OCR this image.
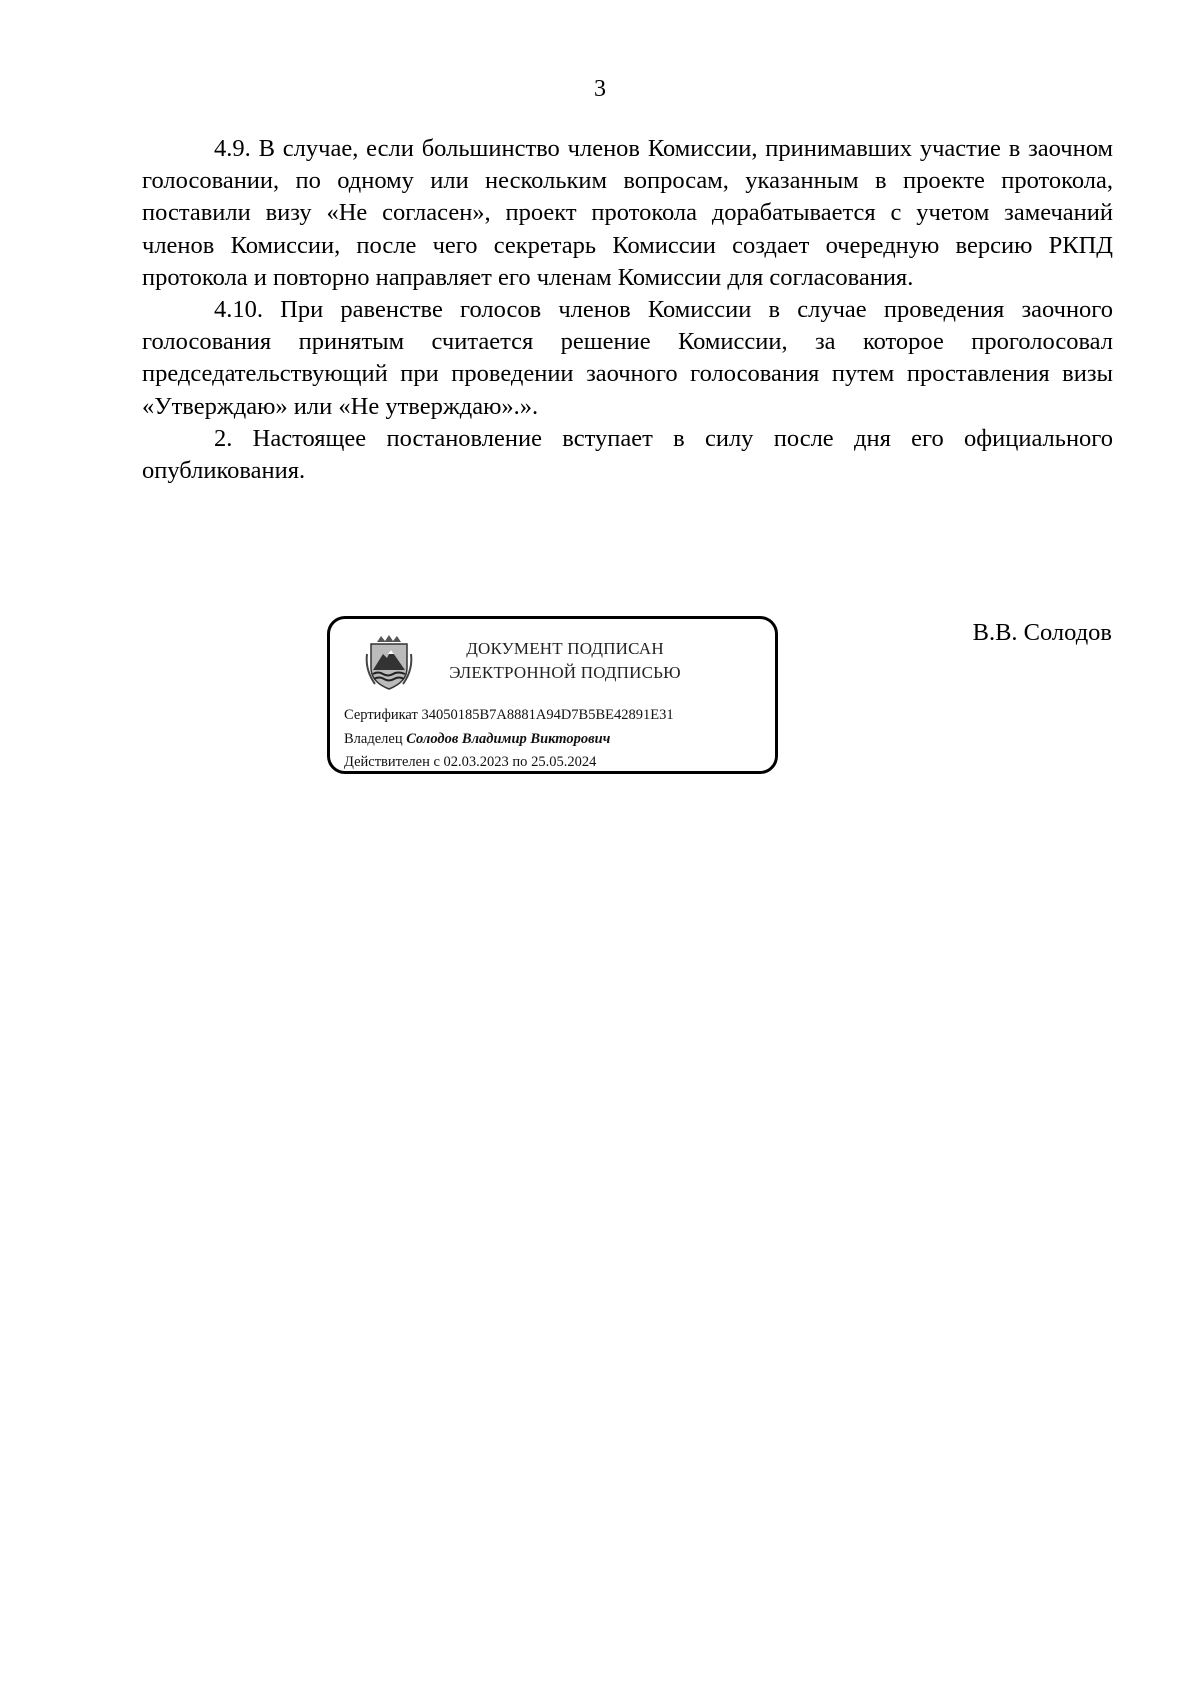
3

4.9. В случае, если большинство членов Комиссии, принимавших участие в заочном голосовании, по одному или нескольким вопросам, указанным в проекте протокола, поставили визу «Не согласен», проект протокола дорабатывается с учетом замечаний членов Комиссии, после чего секретарь Комиссии создает очередную версию РКПД протокола и повторно направляет его членам Комиссии для согласования.

4.10. При равенстве голосов членов Комиссии в случае проведения заочного голосования принятым считается решение Комиссии, за которое проголосовал председательствующий при проведении заочного голосования путем проставления визы «Утверждаю» или «Не утверждаю».».

2. Настоящее постановление вступает в силу после дня его официального опубликования.

ДОКУМЕНТ ПОДПИСАН
ЭЛЕКТРОННОЙ ПОДПИСЬЮ
Сертификат 34050185B7A8881A94D7B5BE42891E31
Владелец Солодов Владимир Викторович
Действителен с 02.03.2023 по 25.05.2024
В.В. Солодов
